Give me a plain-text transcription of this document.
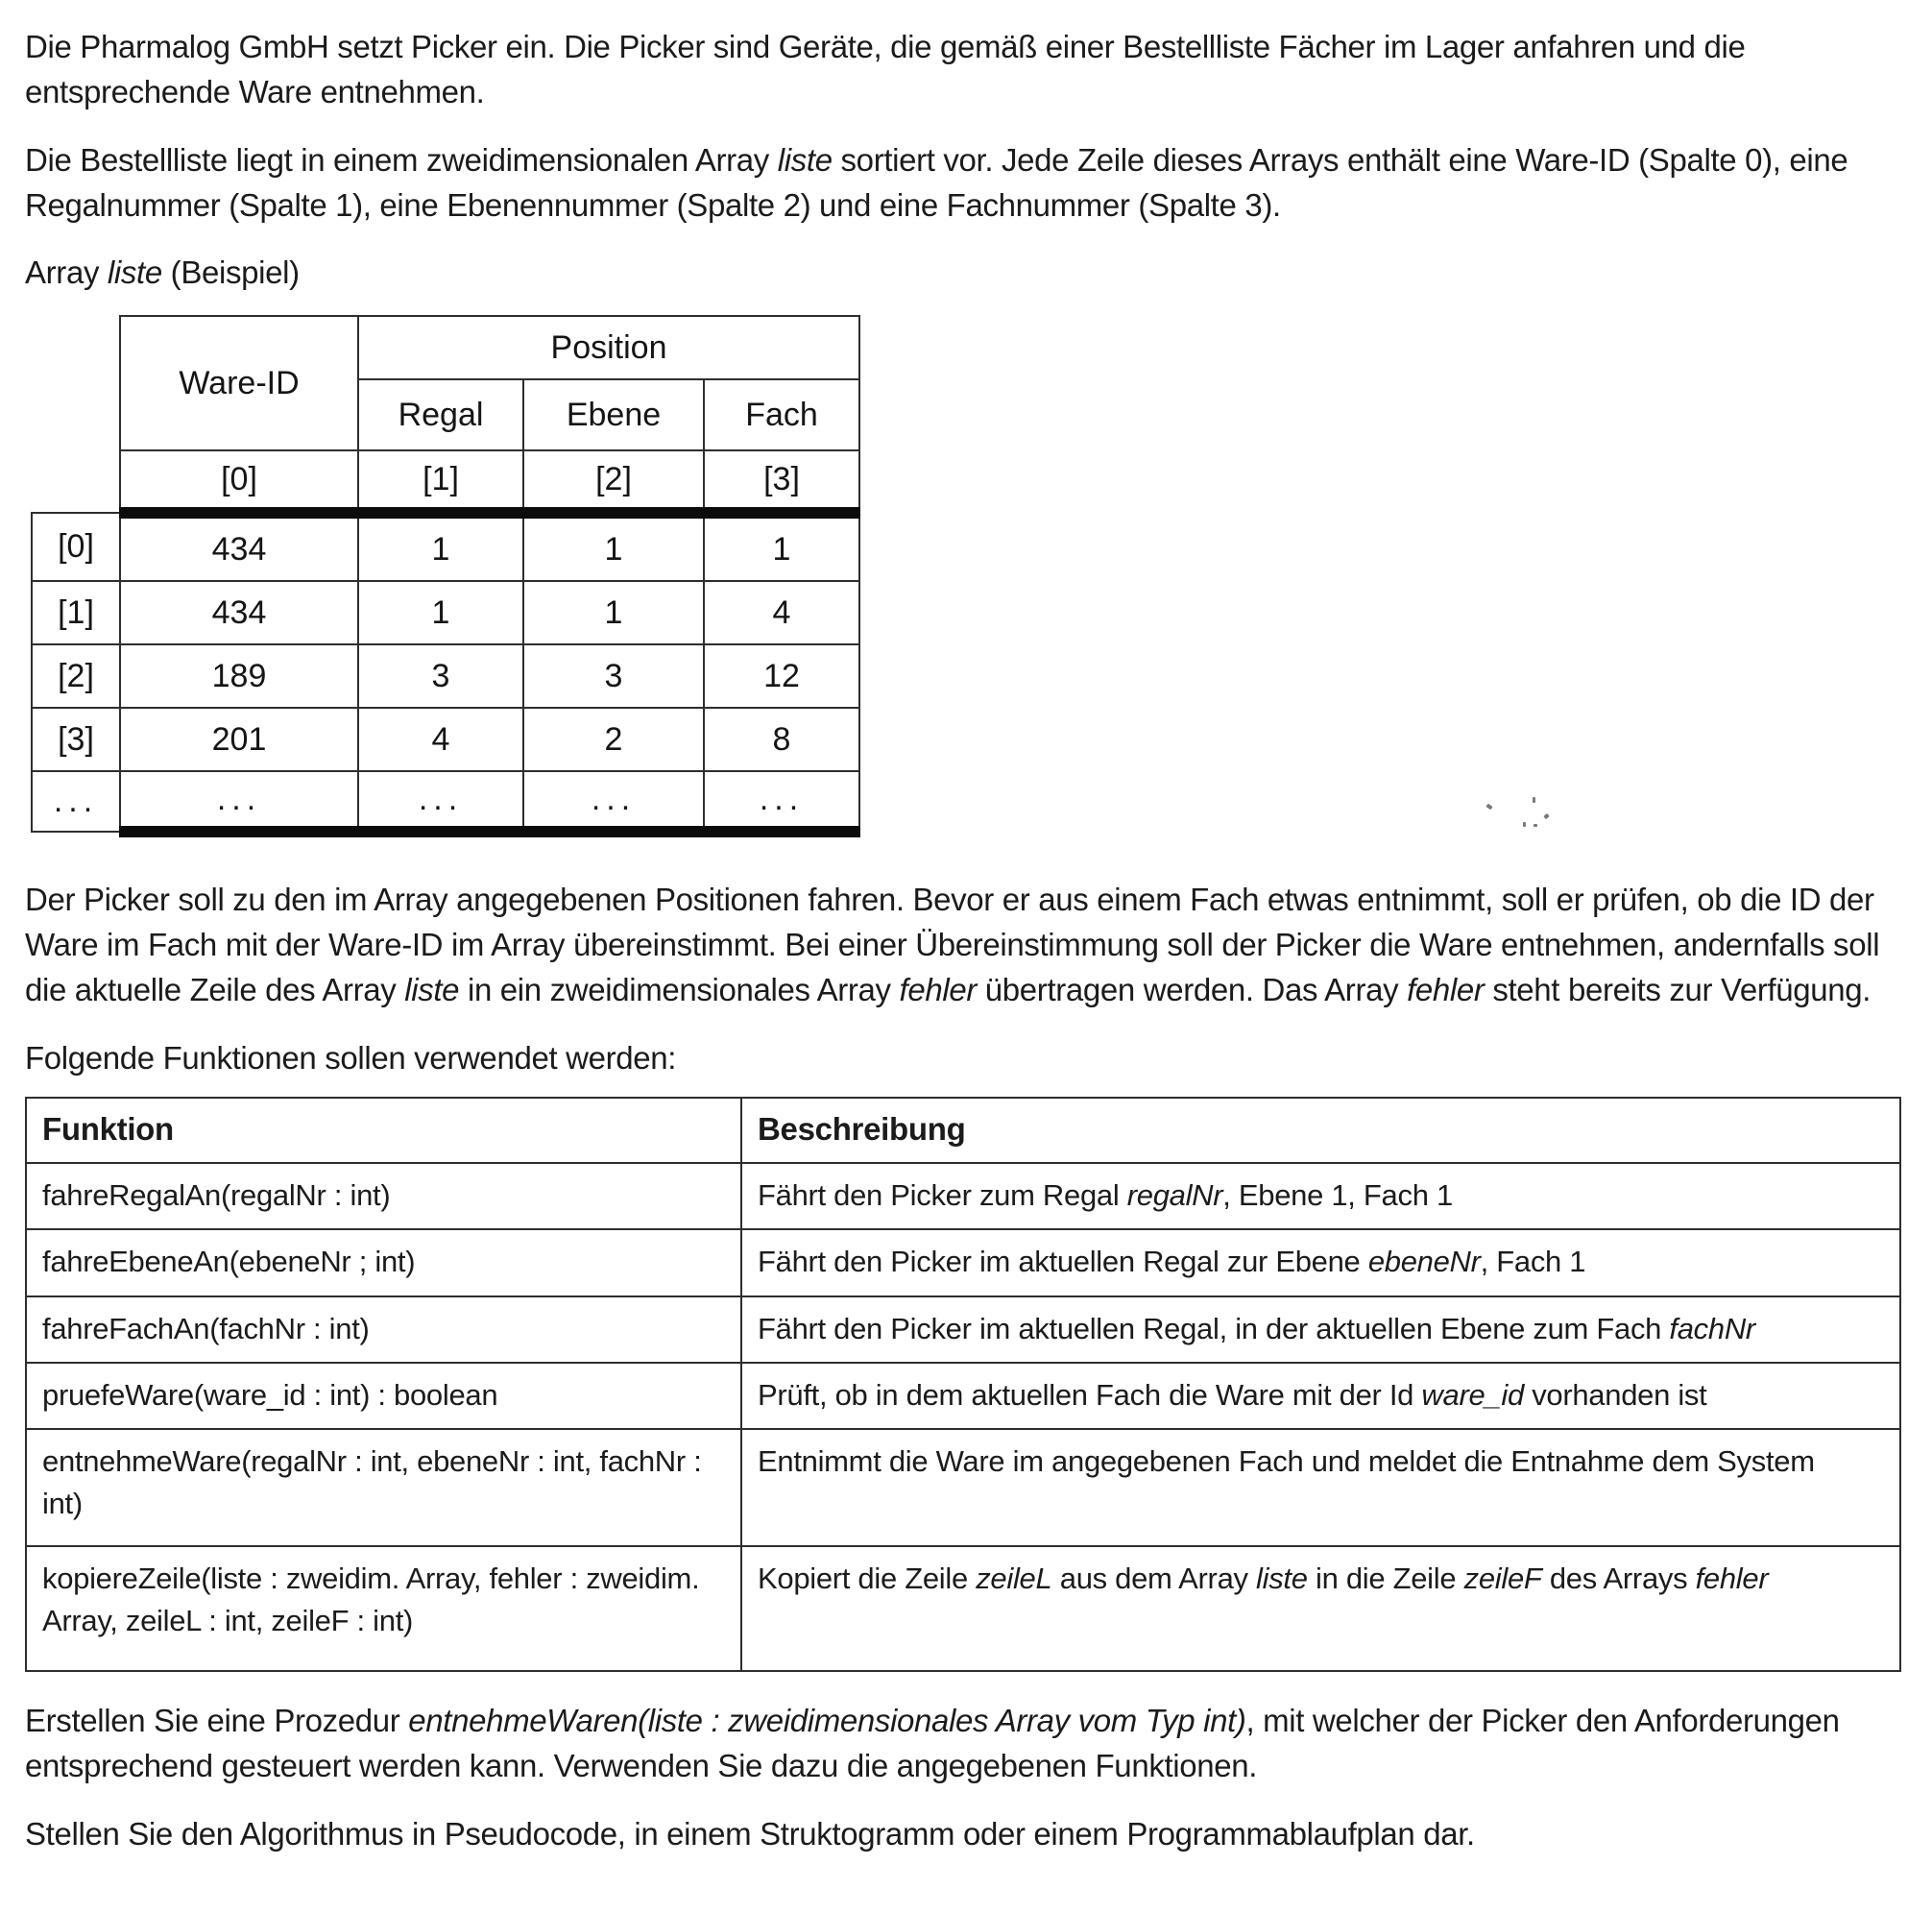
Die Pharmalog GmbH setzt Picker ein. Die Picker sind Geräte, die gemäß einer Bestellliste Fächer im Lager anfahren und die entsprechende Ware entnehmen.

Die Bestellliste liegt in einem zweidimensionalen Array liste sortiert vor. Jede Zeile dieses Arrays enthält eine Ware-ID (Spalte 0), eine Regalnummer (Spalte 1), eine Ebenennummer (Spalte 2) und eine Fachnummer (Spalte 3).

Array liste (Beispiel)

	Ware-ID	Position		
		Regal	Ebene	Fach
	[0]	[1]	[2]	[3]
[0]	434	1	1	1
[1]	434	1	1	4
[2]	189	3	3	12
[3]	201	4	2	8
...	...	...	...	...

Der Picker soll zu den im Array angegebenen Positionen fahren. Bevor er aus einem Fach etwas entnimmt, soll er prüfen, ob die ID der Ware im Fach mit der Ware-ID im Array übereinstimmt. Bei einer Übereinstimmung soll der Picker die Ware entnehmen, andernfalls soll die aktuelle Zeile des Array liste in ein zweidimensionales Array fehler übertragen werden. Das Array fehler steht bereits zur Verfügung.

Folgende Funktionen sollen verwendet werden:

Funktion	Beschreibung
fahreRegalAn(regalNr : int)	Fährt den Picker zum Regal regalNr, Ebene 1, Fach 1
fahreEbeneAn(ebeneNr ; int)	Fährt den Picker im aktuellen Regal zur Ebene ebeneNr, Fach 1
fahreFachAn(fachNr : int)	Fährt den Picker im aktuellen Regal, in der aktuellen Ebene zum Fach fachNr
pruefeWare(ware_id : int) : boolean	Prüft, ob in dem aktuellen Fach die Ware mit der Id ware_id vorhanden ist
entnehmeWare(regalNr : int, ebeneNr : int, fachNr : int)	Entnimmt die Ware im angegebenen Fach und meldet die Entnahme dem System
kopiereZeile(liste : zweidim. Array, fehler : zweidim. Array, zeileL : int, zeileF : int)	Kopiert die Zeile zeileL aus dem Array liste in die Zeile zeileF des Arrays fehler

Erstellen Sie eine Prozedur entnehmeWaren(liste : zweidimensionales Array vom Typ int), mit welcher der Picker den Anforderungen entsprechend gesteuert werden kann. Verwenden Sie dazu die angegebenen Funktionen.

Stellen Sie den Algorithmus in Pseudocode, in einem Struktogramm oder einem Programmablaufplan dar.
